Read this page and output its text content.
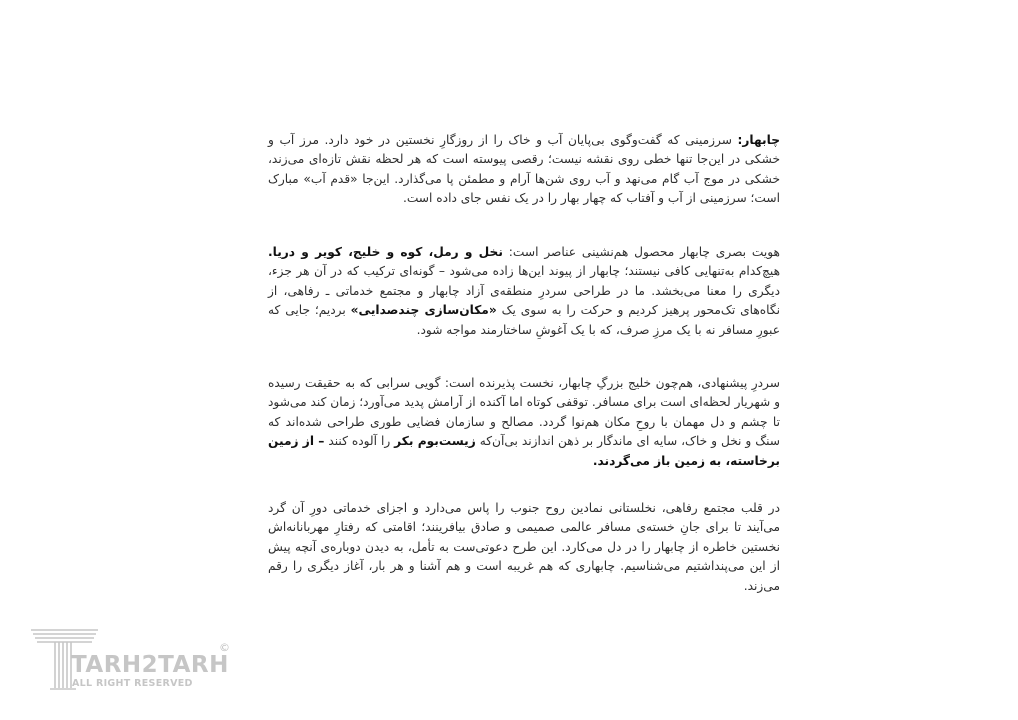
چابهار: سرزمینی که گفت‌وگوی بی‌پایان آب و خاک را از روزگارِ نخستین در خود دارد. مرز آب و خشکی در این‌جا تنها خطی روی نقشه نیست؛ رقصی پیوسته است که هر لحظه نقش تازه‌ای می‌زند، خشکی در موج آب گام می‌نهد و آب روی شن‌ها آرام و مطمئن پا می‌گذارد. این‌جا «قدم آب» مبارک است؛ سرزمینی از آب و آفتاب که چهار بهار را در یک نفس جای داده است.

هویت بصری چابهار محصول هم‌نشینی عناصر است: نخل و رمل، کوه و خلیج، کویر و دریا. هیچ‌کدام به‌تنهایی کافی نیستند؛ چابهار از پیوند این‌ها زاده می‌شود – گونه‌ای ترکیب که در آن هر جزء، دیگری را معنا می‌بخشد. ما در طراحی سردرِ منطقه‌ی آزاد چابهار و مجتمع خدماتی ـ رفاهی، از نگاه‌های تک‌محور پرهیز کردیم و حرکت را به سوی یک «مکان‌سازی چندصدایی» بردیم؛ جایی که عبورِ مسافر نه با یک مرزِ صرف، که با یک آغوشِ ساختارمند مواجه شود.

سردرِ پیشنهادی، هم‌چون خلیج بزرگِ چابهار، نخست پذیرنده است: گویی سرابی که به حقیقت رسیده و شهریار لحظه‌ای است برای مسافر. توقفی کوتاه اما آکنده از آرامش پدید می‌آورد؛ زمان کند می‌شود تا چشم و دل مهمان با روحِ مکان هم‌نوا گردد. مصالح و سازمان فضایی طوری طراحی شده‌اند که سنگ و نخل و خاک، سایه ای ماندگار بر ذهن اندازند بی‌آن‌که زیست‌بوم بکر را آلوده کنند – از زمین برخاسته، به زمین باز می‌گردند.

در قلب مجتمع رفاهی، نخلستانی نمادین روح جنوب را پاس می‌دارد و اجزای خدماتی دورِ آن گرد می‌آیند تا برای جانِ خسته‌ی مسافر عالمی صمیمی و صادق بیافرینند؛ اقامتی که رفتارِ مهربانانه‌اش نخستین خاطره از چابهار را در دل می‌کارد. این طرح دعوتی‌ست به تأمل، به دیدن دوباره‌ی آنچه پیش از این می‌پنداشتیم می‌شناسیم. چابهاری که هم غریبه است و هم آشنا و هر بار، آغاز دیگری را رقم می‌زند.

TARH2TARH
ALL RIGHT RESERVED
©
